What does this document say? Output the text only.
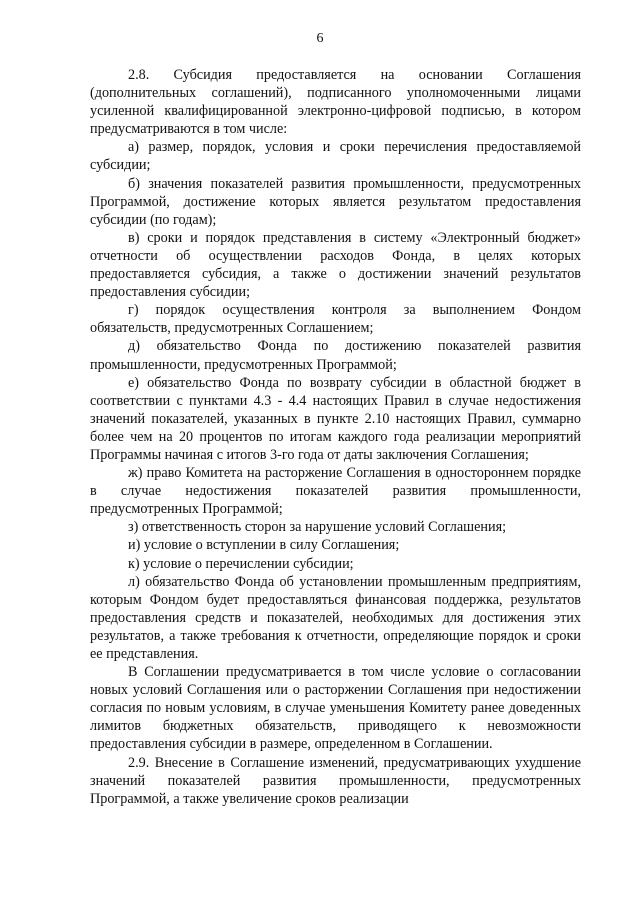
6

2.8. Субсидия предоставляется на основании Соглашения (дополнительных соглашений), подписанного уполномоченными лицами усиленной квалифицированной электронно-цифровой подписью, в котором предусматриваются в том числе:

а) размер, порядок, условия и сроки перечисления предоставляемой субсидии;

б) значения показателей развития промышленности, предусмотренных Программой, достижение которых является результатом предоставления субсидии (по годам);

в) сроки и порядок представления в систему «Электронный бюджет» отчетности об осуществлении расходов Фонда, в целях которых предоставляется субсидия, а также о достижении значений результатов предоставления субсидии;

г) порядок осуществления контроля за выполнением Фондом обязательств, предусмотренных Соглашением;

д) обязательство Фонда по достижению показателей развития промышленности, предусмотренных Программой;

е) обязательство Фонда по возврату субсидии в областной бюджет в соответствии с пунктами 4.3 - 4.4 настоящих Правил в случае недостижения значений показателей, указанных в пункте 2.10 настоящих Правил, суммарно более чем на 20 процентов по итогам каждого года реализации мероприятий Программы начиная с итогов 3-го года от даты заключения Соглашения;

ж) право Комитета на расторжение Соглашения в одностороннем порядке в случае недостижения показателей развития промышленности, предусмотренных Программой;

з) ответственность сторон за нарушение условий Соглашения;

и) условие о вступлении в силу Соглашения;

к) условие о перечислении субсидии;

л) обязательство Фонда об установлении промышленным предприятиям, которым Фондом будет предоставляться финансовая поддержка, результатов предоставления средств и показателей, необходимых для достижения этих результатов, а также требования к отчетности, определяющие порядок и сроки ее представления.

В Соглашении предусматривается в том числе условие о согласовании новых условий Соглашения или о расторжении Соглашения при недостижении согласия по новым условиям, в случае уменьшения Комитету ранее доведенных лимитов бюджетных обязательств, приводящего к невозможности предоставления субсидии в размере, определенном в Соглашении.

2.9. Внесение в Соглашение изменений, предусматривающих ухудшение значений показателей развития промышленности, предусмотренных Программой, а также увеличение сроков реализации
